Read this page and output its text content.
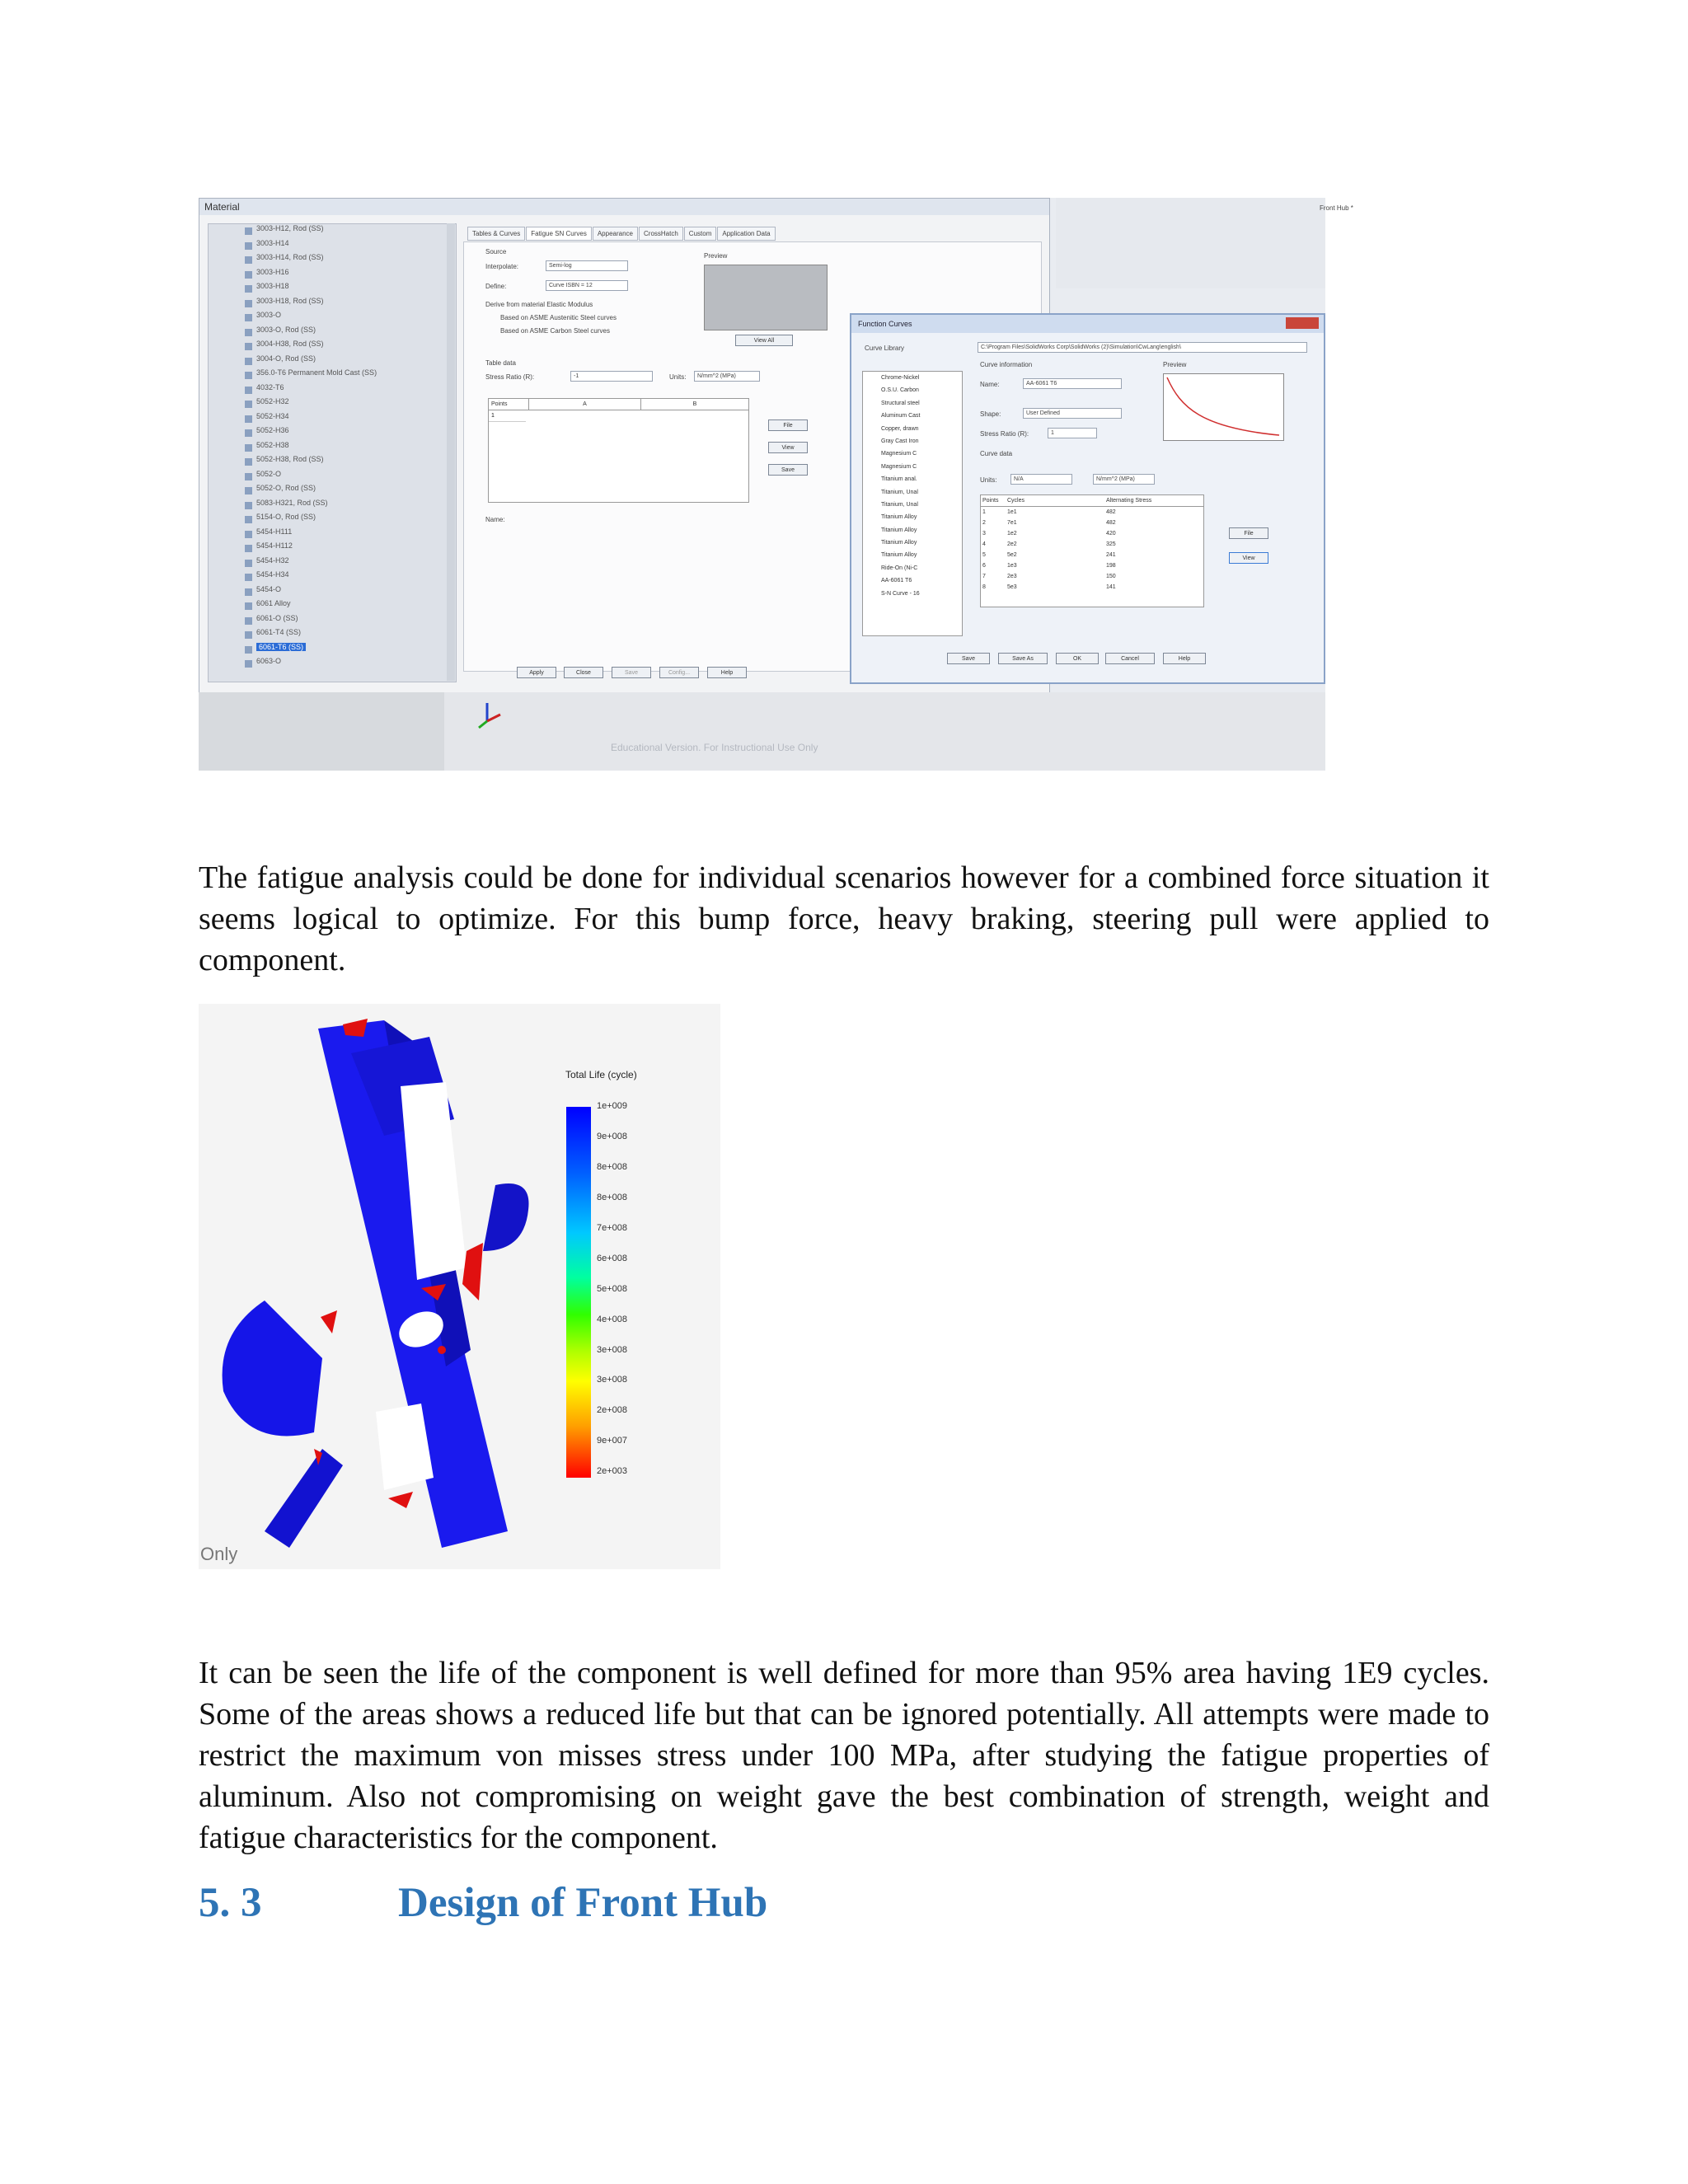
Material
3003-H12, Rod (SS)
3003-H14
3003-H14, Rod (SS)
3003-H16
3003-H18
3003-H18, Rod (SS)
3003-O
3003-O, Rod (SS)
3004-H38, Rod (SS)
3004-O, Rod (SS)
356.0-T6 Permanent Mold Cast (SS)
4032-T6
5052-H32
5052-H34
5052-H36
5052-H38
5052-H38, Rod (SS)
5052-O
5052-O, Rod (SS)
5083-H321, Rod (SS)
5154-O, Rod (SS)
5454-H111
5454-H112
5454-H32
5454-H34
5454-O
6061 Alloy
6061-O (SS)
6061-T4 (SS)
6061-T6 (SS)
6063-O
Tables & Curves Fatigue SN Curves Appearance CrossHatch Custom Application Data
Source
Interpolate:	Semi-log
Define:	Curve ISBN = 12
Derive from material Elastic Modulus
Based on ASME Austenitic Steel curves
Based on ASME Carbon Steel curves
Preview
View All
Table data
Stress Ratio (R):	-1	Units:	N/mm^2 (MPa)
Points	A	B
1
File
View
Save
Name:
Apply	Close	Save	Config...	Help
Front Hub *
Function Curves
Curve Library	C:\Program Files\SolidWorks Corp\SolidWorks (2)\Simulation\CwLang\english\
Curve information	Preview
Name:	AA-6061 T6
Shape:	User Defined
Stress Ratio (R):	1
Curve data
Units:	N/A	N/mm^2 (MPa)
Chrome-Nickel
O.S.U. Carbon
Structural steel
Aluminum Cast
Copper, drawn
Gray Cast Iron
Magnesium C
Magnesium C
Titanium anal.
Titanium, Unal
Titanium, Unal
Titanium Alloy
Titanium Alloy
Titanium Alloy
Titanium Alloy
Ride-On (Ni-C
AA-6061 T6
S-N Curve - 16
Points	Cycles	Alternating Stress
1	1e1	482
2	7e1	482
3	1e2	420
4	2e2	325
5	5e2	241
6	1e3	198
7	2e3	150
8	5e3	141
File
View
Save	Save As	OK	Cancel	Help
Educational Version. For Instructional Use Only

The fatigue analysis could be done for individual scenarios however for a combined force situation it seems logical to optimize. For this bump force, heavy braking, steering pull were applied to component.

Total Life (cycle)
1e+009
9e+008
8e+008
8e+008
7e+008
6e+008
5e+008
4e+008
3e+008
3e+008
2e+008
9e+007
2e+003
Only

It can be seen the life of the component is well defined for more than 95% area having 1E9 cycles. Some of the areas shows a reduced life but that can be ignored potentially. All attempts were made to restrict the maximum von misses stress under 100 MPa, after studying the fatigue properties of aluminum. Also not compromising on weight gave the best combination of strength, weight and fatigue characteristics for the component.

5. 3	Design of Front Hub
